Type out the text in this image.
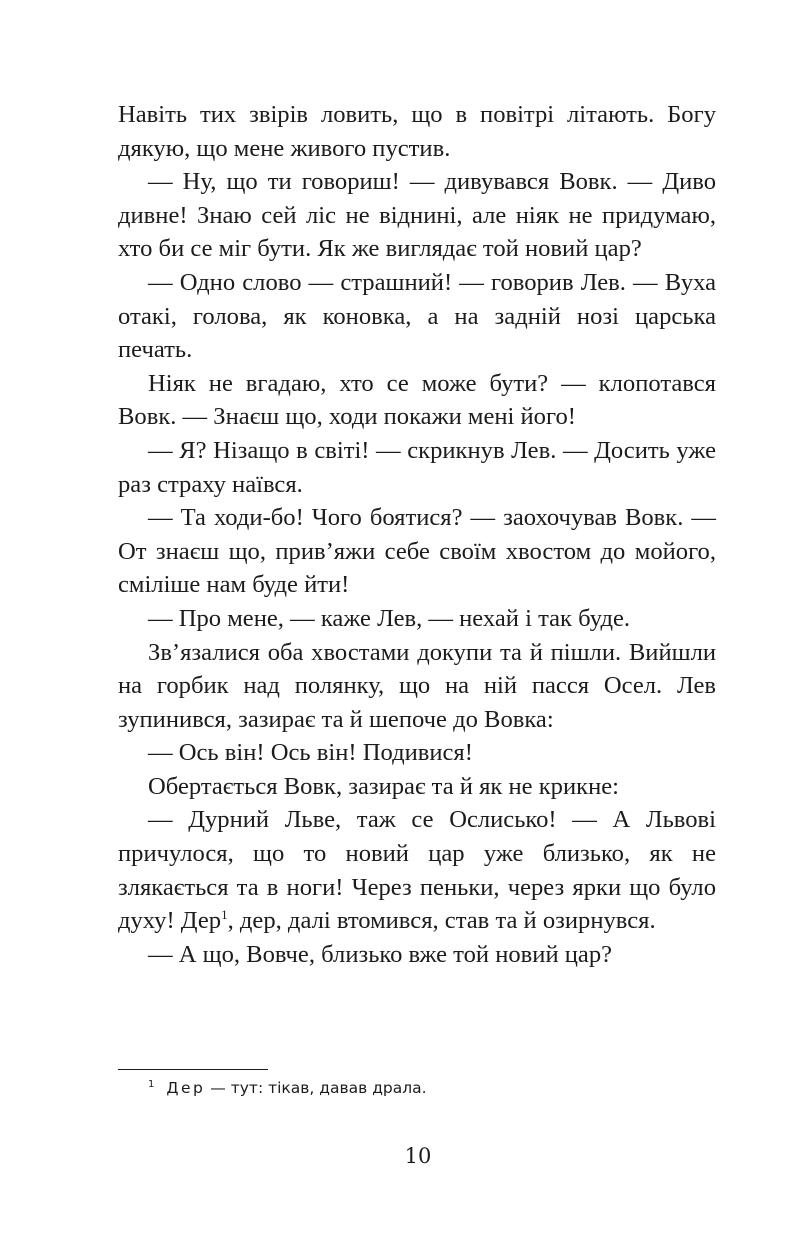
Навіть тих звірів ловить, що в повітрі літають. Богу дякую, що мене живого пустив.

— Ну, що ти говориш! — дивувався Вовк. — Диво дивне! Знаю сей ліс не віднині, але ніяк не придумаю, хто би се міг бути. Як же виглядає той новий цар?

— Одно слово — страшний! — говорив Лев. — Вуха отакі, голова, як коновка, а на задній нозі царська печать.

Ніяк не вгадаю, хто се може бути? — клопотався Вовк. — Знаєш що, ходи покажи мені його!

— Я? Нізащо в світі! — скрикнув Лев. — Досить уже раз страху наївся.

— Та ходи-бо! Чого боятися? — заохочував Вовк. — От знаєш що, прив’яжи себе своїм хвостом до мойого, сміліше нам буде йти!

— Про мене, — каже Лев, — нехай і так буде.

Зв’язалися оба хвостами докупи та й пішли. Вийшли на горбик над полянку, що на ній пасся Осел. Лев зупинився, зазирає та й шепоче до Вовка:

— Ось він! Ось він! Подивися!

Обертається Вовк, зазирає та й як не крикне:

— Дурний Льве, таж се Ослисько! — А Львові причулося, що то новий цар уже близько, як не злякається та в ноги! Через пеньки, через ярки що було духу! Дер$^1$, дер, далі втомився, став та й озирнувся.

— А що, Вовче, близько вже той новий цар?

$^1$ Дер — тут: тікав, давав драла.
10
